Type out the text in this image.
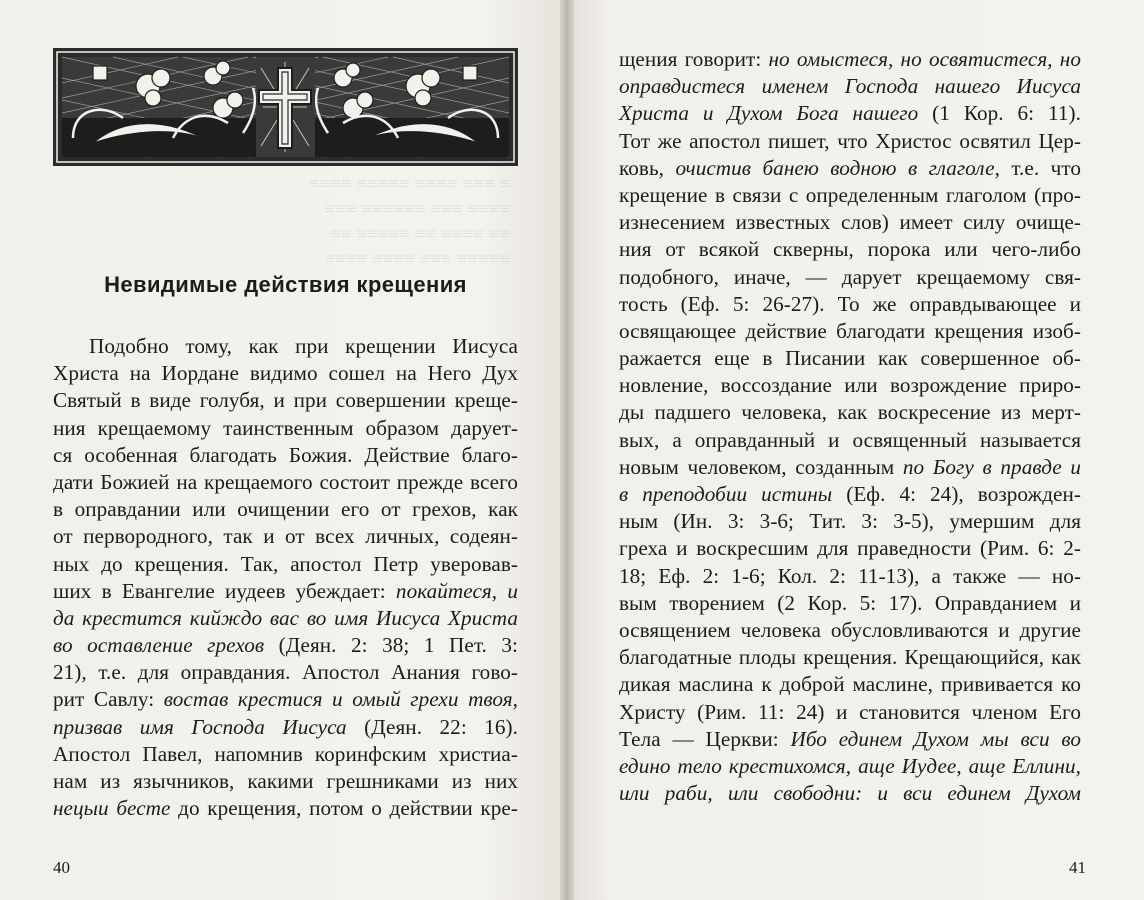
≡ ≡≡≡ ≡≡≡≡ ≡≡≡≡≡ ≡≡≡≡
≡≡≡≡ ≡≡≡ ≡≡≡≡≡≡ ≡≡≡
≡≡ ≡≡≡≡ ≡≡ ≡≡≡≡≡ ≡≡
≡≡≡≡≡ ≡≡≡ ≡≡≡≡ ≡≡≡≡
Невидимые действия крещения
Подобно тому, как при крещении Иисуса
Христа на Иордане видимо сошел на Него Дух
Святый в виде голубя, и при совершении креще-
ния крещаемому таинственным образом дарует-
ся особенная благодать Божия. Действие благо-
дати Божией на крещаемого состоит прежде всего
в оправдании или очищении его от грехов, как
от первородного, так и от всех личных, содеян-
ных до крещения. Так, апостол Петр уверовав-
ших в Евангелие иудеев убеждает: покайтеся, и
да крестится кийждо вас во имя Иисуса Христа
во оставление грехов (Деян. 2: 38; 1 Пет. 3:
21), т.е. для оправдания. Апостол Анания гово-
рит Савлу: востав крестися и омый грехи твоя,
призвав имя Господа Иисуса (Деян. 22: 16).
Апостол Павел, напомнив коринфским христиа-
нам из язычников, какими грешниками из них
нецыи бесте до крещения, потом о действии кре-
40
щения говорит: но омыстеся, но освятистеся, но
оправдистеся именем Господа нашего Иисуса
Христа и Духом Бога нашего (1 Кор. 6: 11).
Тот же апостол пишет, что Христос освятил Цер-
ковь, очистив банею водною в глаголе, т.е. что
крещение в связи с определенным глаголом (про-
изнесением известных слов) имеет силу очище-
ния от всякой скверны, порока или чего-либо
подобного, иначе, — дарует крещаемому свя-
тость (Еф. 5: 26-27). То же оправдывающее и
освящающее действие благодати крещения изоб-
ражается еще в Писании как совершенное об-
новление, воссоздание или возрождение приро-
ды падшего человека, как воскресение из мерт-
вых, а оправданный и освященный называется
новым человеком, созданным по Богу в правде и
в преподобии истины (Еф. 4: 24), возрожден-
ным (Ин. 3: 3-6; Тит. 3: 3-5), умершим для
греха и воскресшим для праведности (Рим. 6: 2-
18; Еф. 2: 1-6; Кол. 2: 11-13), а также — но-
вым творением (2 Кор. 5: 17). Оправданием и
освящением человека обусловливаются и другие
благодатные плоды крещения. Крещающийся, как
дикая маслина к доброй маслине, прививается ко
Христу (Рим. 11: 24) и становится членом Его
Тела — Церкви: Ибо единем Духом мы вси во
едино тело крестихомся, аще Иудее, аще Еллини,
или раби, или свободни: и вси единем Духом
41
